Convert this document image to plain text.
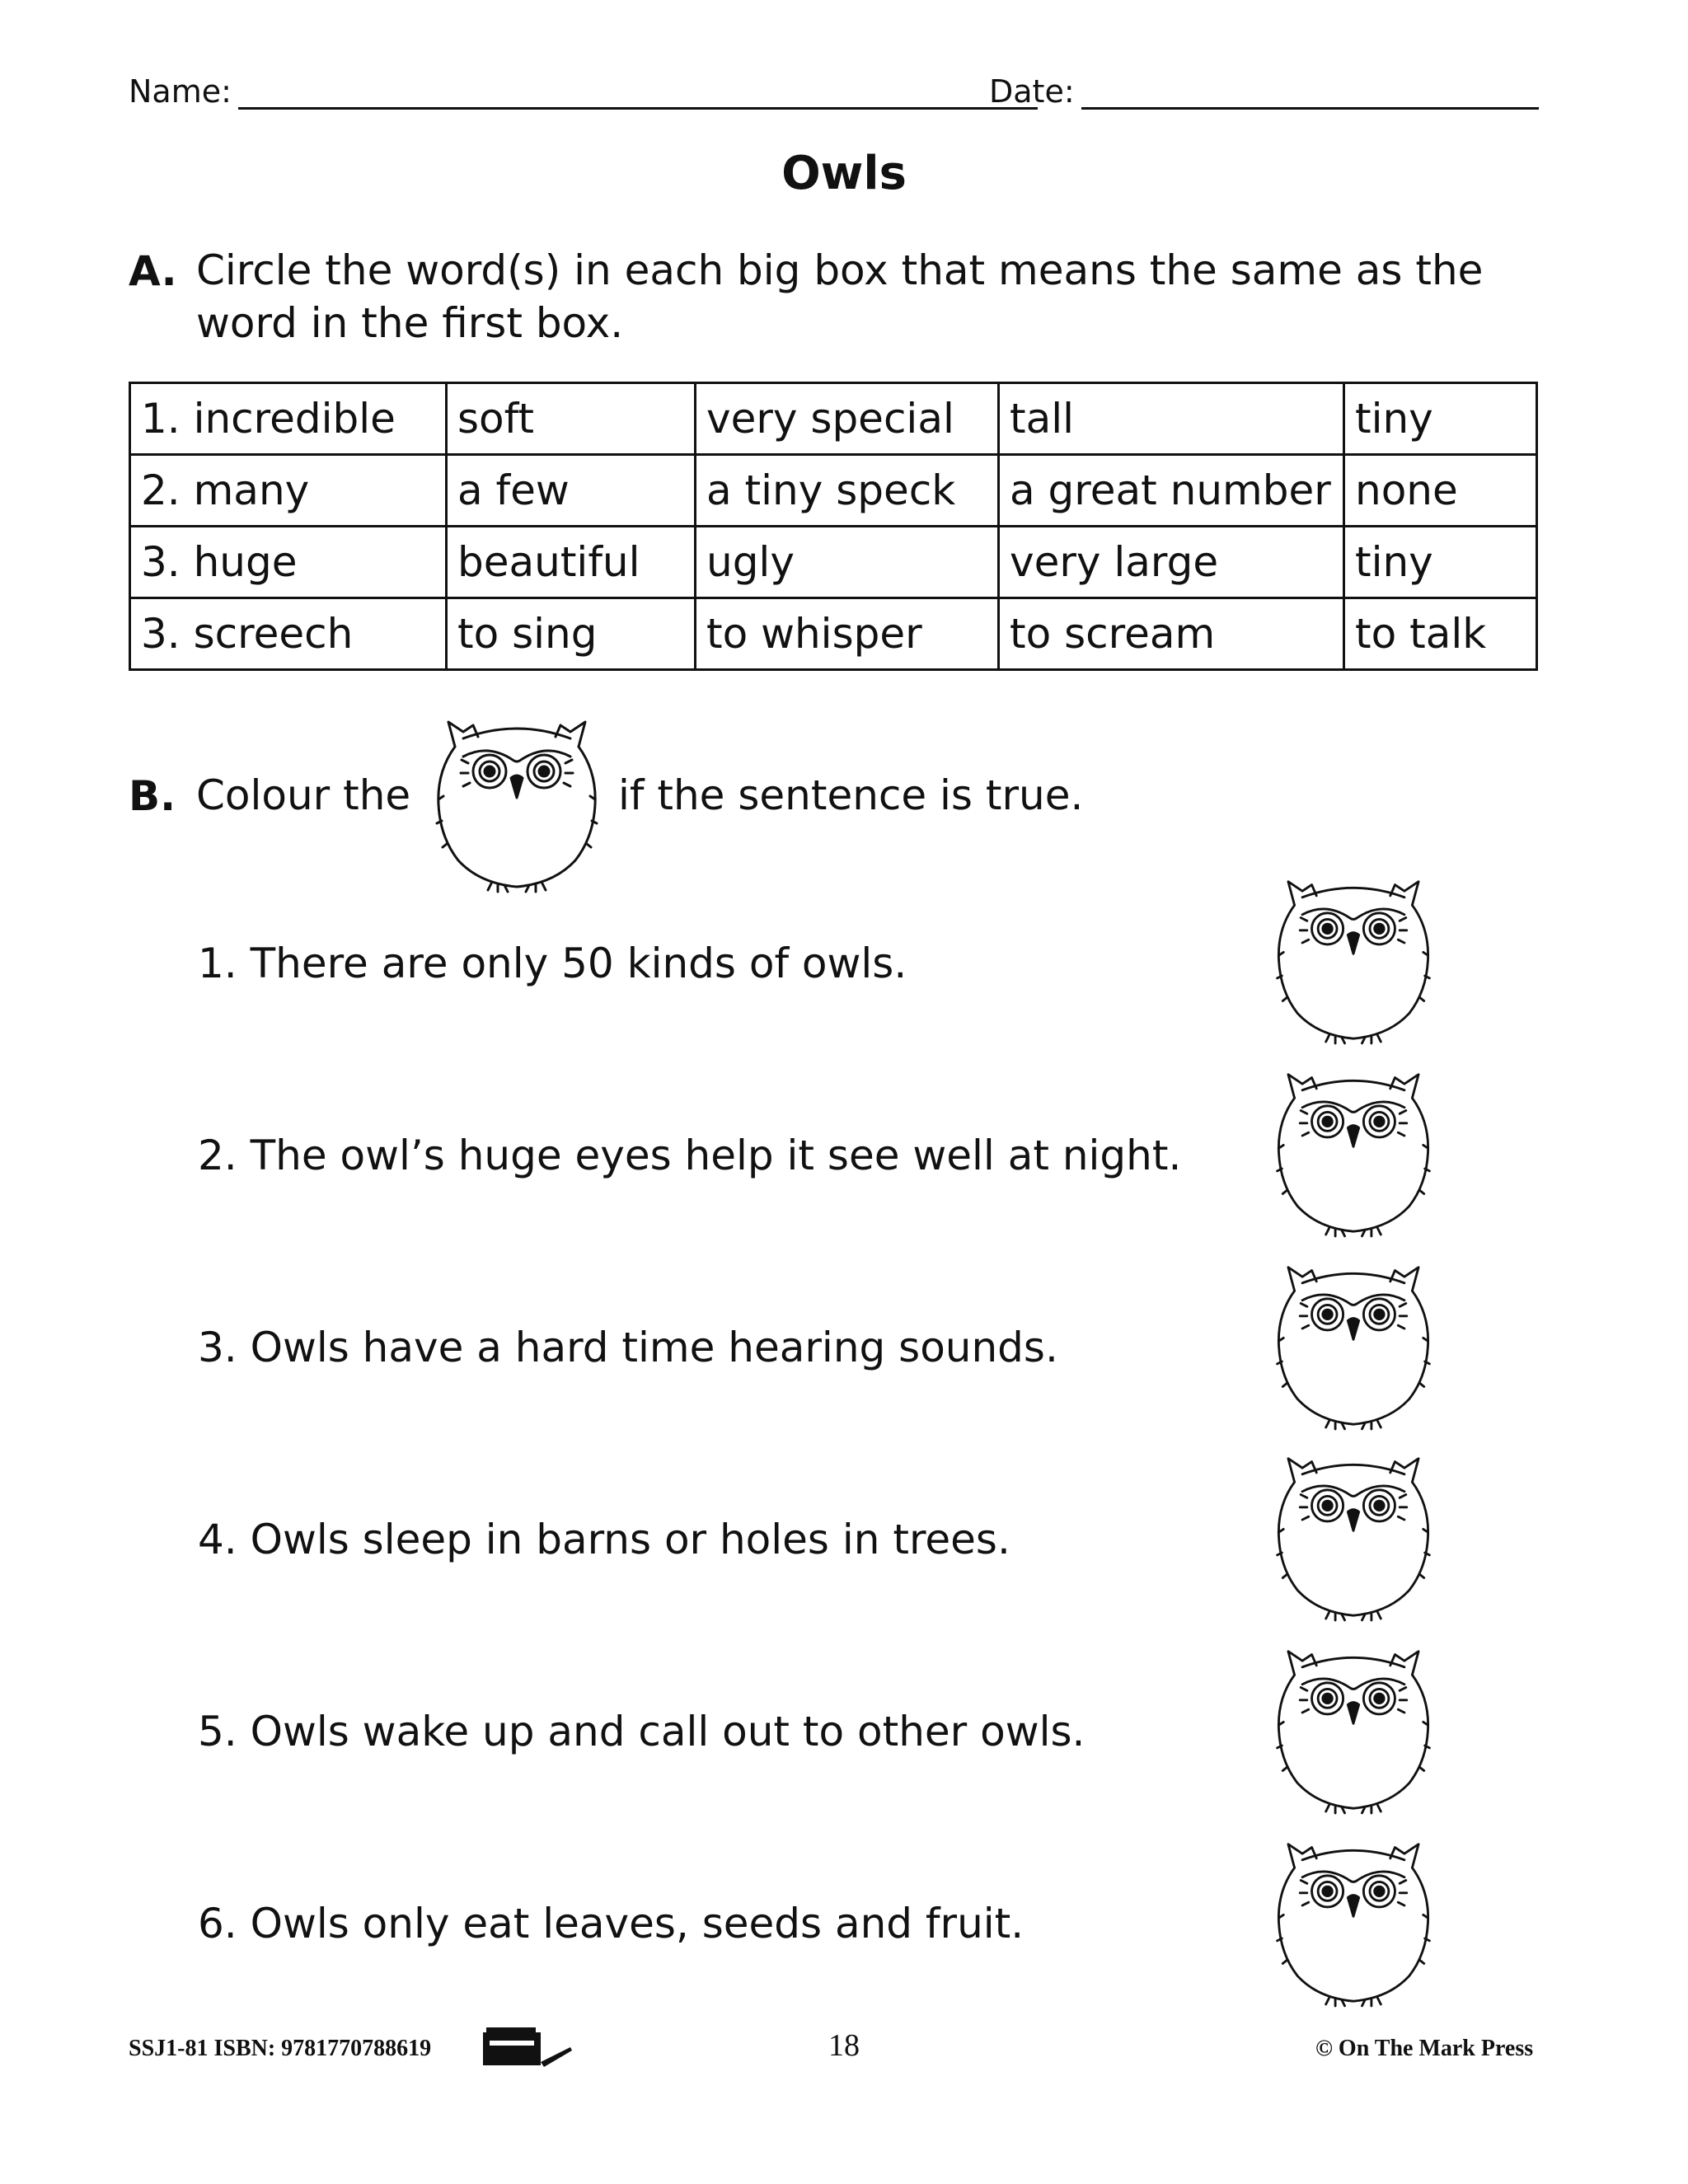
Name:	Date:
Owls
A. Circle the word(s) in each big box that means the same as the
word in the first box.
1. incredible	soft	very special	tall	tiny
2. many	a few	a tiny speck	a great number	none
3. huge	beautiful	ugly	very large	tiny
3. screech	to sing	to whisper	to scream	to talk
B. Colour the	if the sentence is true.
1. There are only 50 kinds of owls.
2. The owl’s huge eyes help it see well at night.
3. Owls have a hard time hearing sounds.
4. Owls sleep in barns or holes in trees.
5. Owls wake up and call out to other owls.
6. Owls only eat leaves, seeds and fruit.
SSJ1-81 ISBN: 9781770788619	18	© On The Mark Press
